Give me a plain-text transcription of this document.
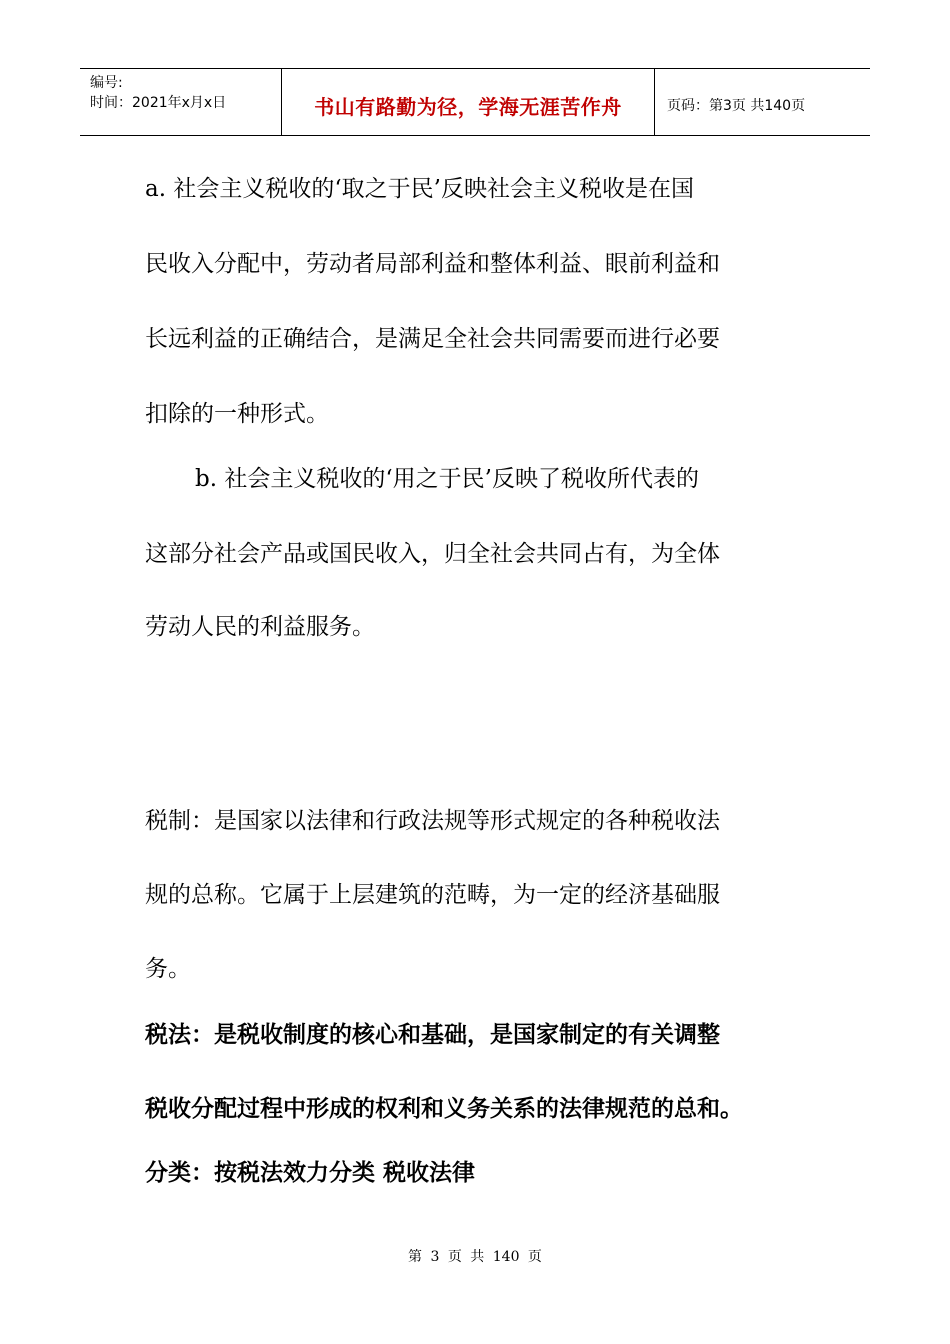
编号:
时间：2021年x月x日	书山有路勤为径，学海无涯苦作舟	页码：第3页 共140页
a. 社会主义税收的‘取之于民’反映社会主义税收是在国
民收入分配中，劳动者局部利益和整体利益、眼前利益和
长远利益的正确结合，是满足全社会共同需要而进行必要
扣除的一种形式。
b. 社会主义税收的‘用之于民’反映了税收所代表的
这部分社会产品或国民收入，归全社会共同占有，为全体
劳动人民的利益服务。
税制：是国家以法律和行政法规等形式规定的各种税收法
规的总称。它属于上层建筑的范畴，为一定的经济基础服
务。
税法：是税收制度的核心和基础，是国家制定的有关调整
税收分配过程中形成的权利和义务关系的法律规范的总和。
分类：按税法效力分类 税收法律
第 3 页 共 140 页
